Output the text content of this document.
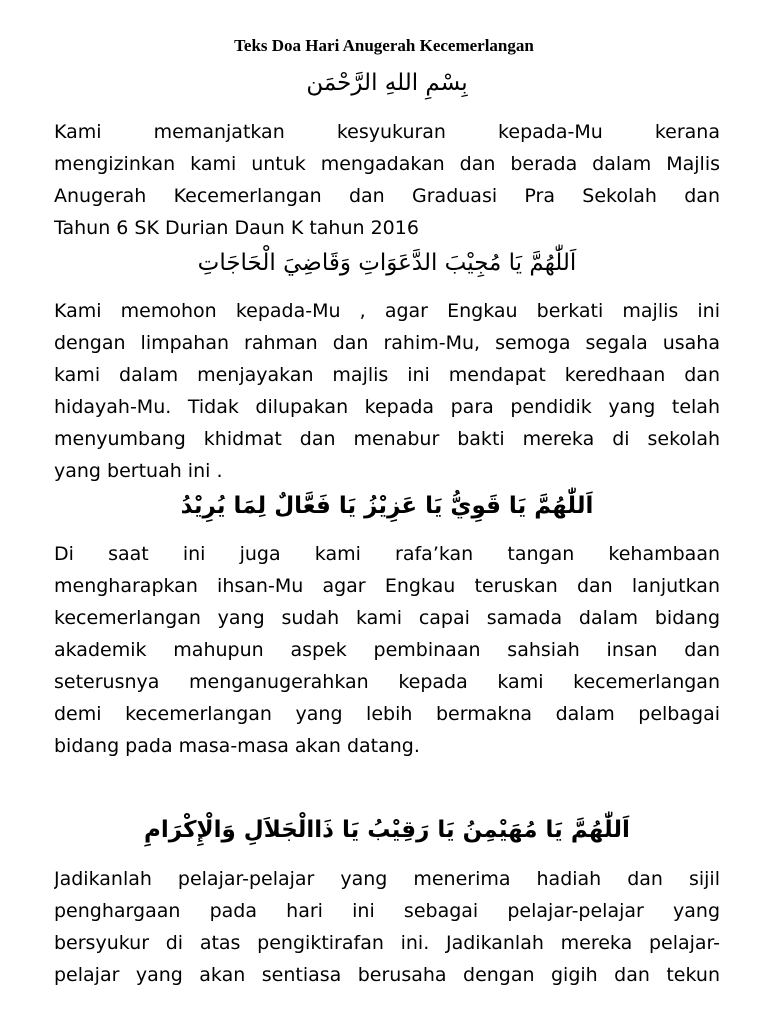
Teks Doa Hari Anugerah Kecemerlangan
بِسْمِ اللهِ الرَّحْمَن
Kami memanjatkan kesyukuran kepada-Mu kerana
mengizinkan kami untuk mengadakan dan berada dalam Majlis
Anugerah Kecemerlangan dan Graduasi Pra Sekolah dan
Tahun 6 SK Durian Daun K tahun 2016
اَللّٰهُمَّ يَا مُجِيْبَ الدَّعَوَاتِ وَقَاضِيَ الْحَاجَاتِ
Kami memohon kepada-Mu , agar Engkau berkati majlis ini
dengan limpahan rahman dan rahim-Mu, semoga segala usaha
kami dalam menjayakan majlis ini mendapat keredhaan dan
hidayah-Mu. Tidak dilupakan kepada para pendidik yang telah
menyumbang khidmat dan menabur bakti mereka di sekolah
yang bertuah ini .
اَللّٰهُمَّ يَا قَوِيُّ يَا عَزِيْزُ يَا فَعَّالٌ لِمَا يُرِيْدُ
Di saat ini juga kami rafa’kan tangan kehambaan
mengharapkan ihsan-Mu agar Engkau teruskan dan lanjutkan
kecemerlangan yang sudah kami capai samada dalam bidang
akademik mahupun aspek pembinaan sahsiah insan dan
seterusnya menganugerahkan kepada kami kecemerlangan
demi kecemerlangan yang lebih bermakna dalam pelbagai
bidang pada masa-masa akan datang.
اَللّٰهُمَّ يَا مُهَيْمِنُ يَا رَقِيْبُ يَا ذَاالْجَلاَلِ وَالْإِكْرَامِ
Jadikanlah pelajar-pelajar yang menerima hadiah dan sijil
penghargaan pada hari ini sebagai pelajar-pelajar yang
bersyukur di atas pengiktirafan ini. Jadikanlah mereka pelajar-
pelajar yang akan sentiasa berusaha dengan gigih dan tekun
